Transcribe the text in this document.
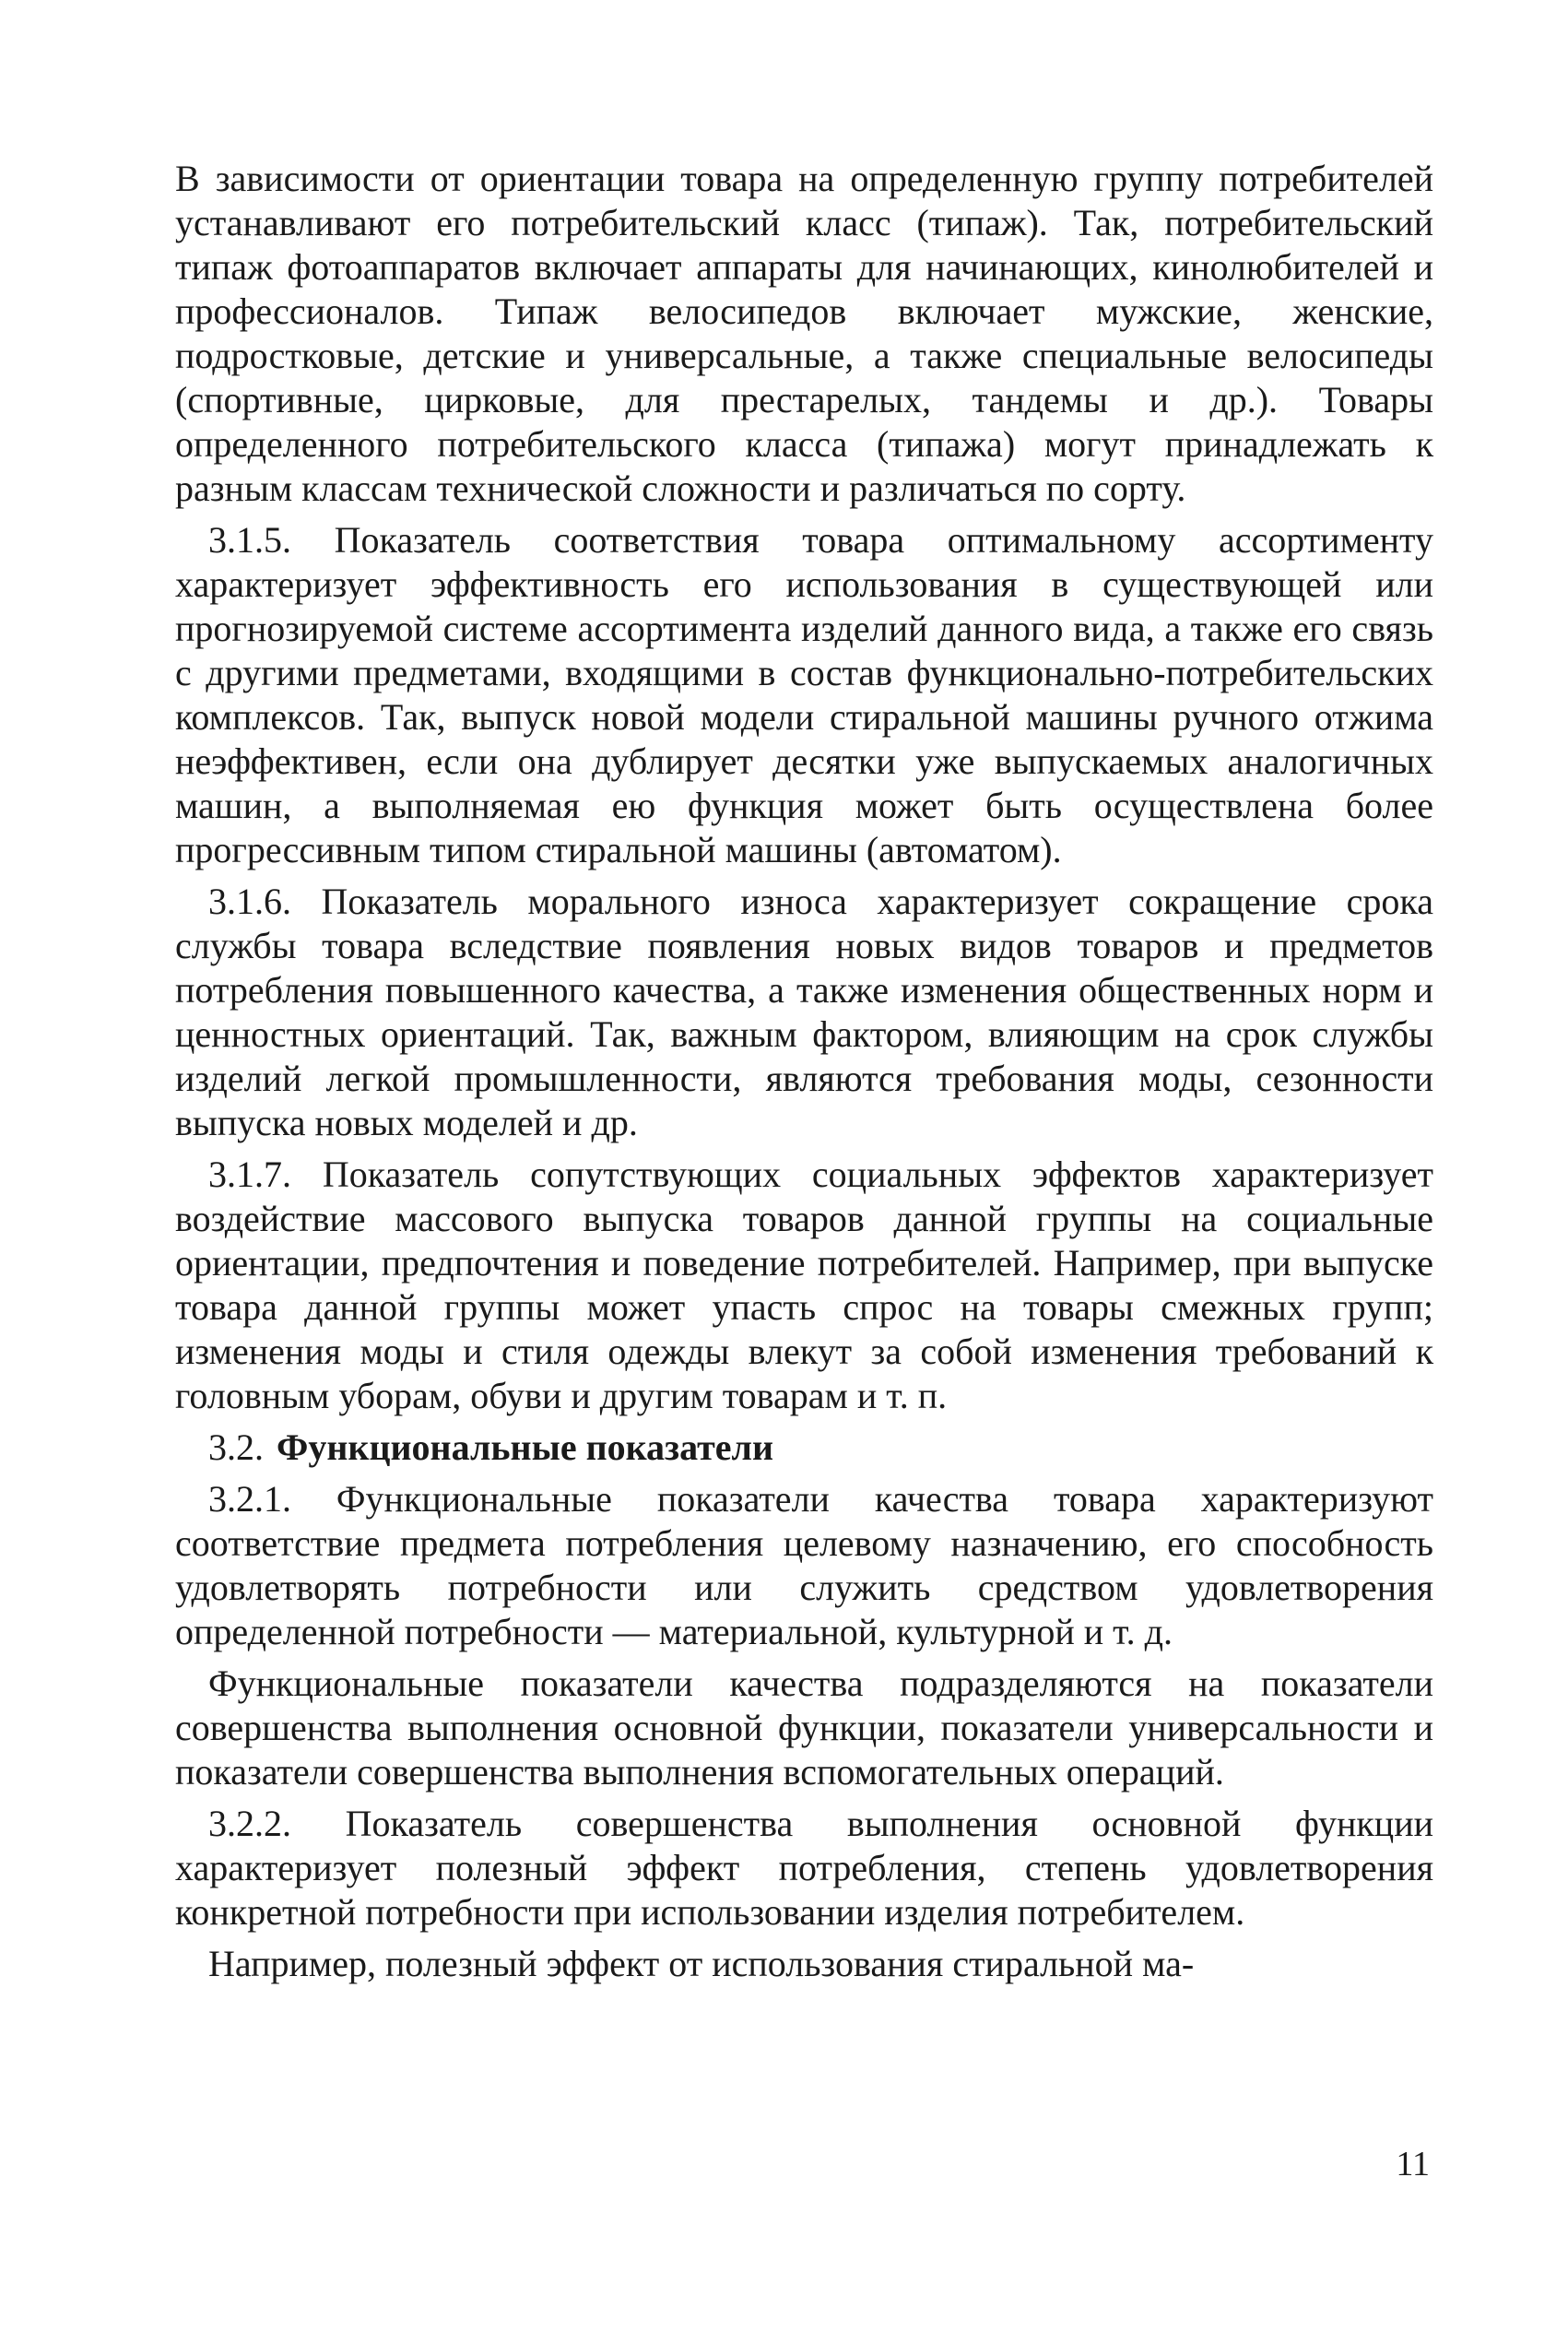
В зависимости от ориентации товара на определенную группу потребителей устанавливают его потребительский класс (типаж). Так, потребительский типаж фотоаппаратов включает аппараты для начинающих, кинолюбителей и профессионалов. Типаж велосипедов включает мужские, женские, подростковые, детские и универсальные, а также специальные велосипеды (спортивные, цирковые, для престарелых, тандемы и др.). Товары определенного потребительского класса (типажа) могут принадлежать к разным классам технической сложности и различаться по сорту.

3.1.5. Показатель соответствия товара оптимальному ассортименту характеризует эффективность его использования в существующей или прогнозируемой системе ассортимента изделий данного вида, а также его связь с другими предметами, входящими в состав функционально-потребительских комплексов. Так, выпуск новой модели стиральной машины ручного отжима неэффективен, если она дублирует десятки уже выпускаемых аналогичных машин, а выполняемая ею функция может быть осуществлена более прогрессивным типом стиральной машины (автоматом).

3.1.6. Показатель морального износа характеризует сокращение срока службы товара вследствие появления новых видов товаров и предметов потребления повышенного качества, а также изменения общественных норм и ценностных ориентаций. Так, важным фактором, влияющим на срок службы изделий легкой промышленности, являются требования моды, сезонности выпуска новых моделей и др.

3.1.7. Показатель сопутствующих социальных эффектов характеризует воздействие массового выпуска товаров данной группы на социальные ориентации, предпочтения и поведение потребителей. Например, при выпуске товара данной группы может упасть спрос на товары смежных групп; изменения моды и стиля одежды влекут за собой изменения требований к головным уборам, обуви и другим товарам и т. п.

3.2. Функциональные показатели

3.2.1. Функциональные показатели качества товара характеризуют соответствие предмета потребления целевому назначению, его способность удовлетворять потребности или служить средством удовлетворения определенной потребности — материальной, культурной и т. д.

Функциональные показатели качества подразделяются на показатели совершенства выполнения основной функции, показатели универсальности и показатели совершенства выполнения вспомогательных операций.

3.2.2. Показатель совершенства выполнения основной функции характеризует полезный эффект потребления, степень удовлетворения конкретной потребности при использовании изделия потребителем.

Например, полезный эффект от использования стиральной ма-

11
